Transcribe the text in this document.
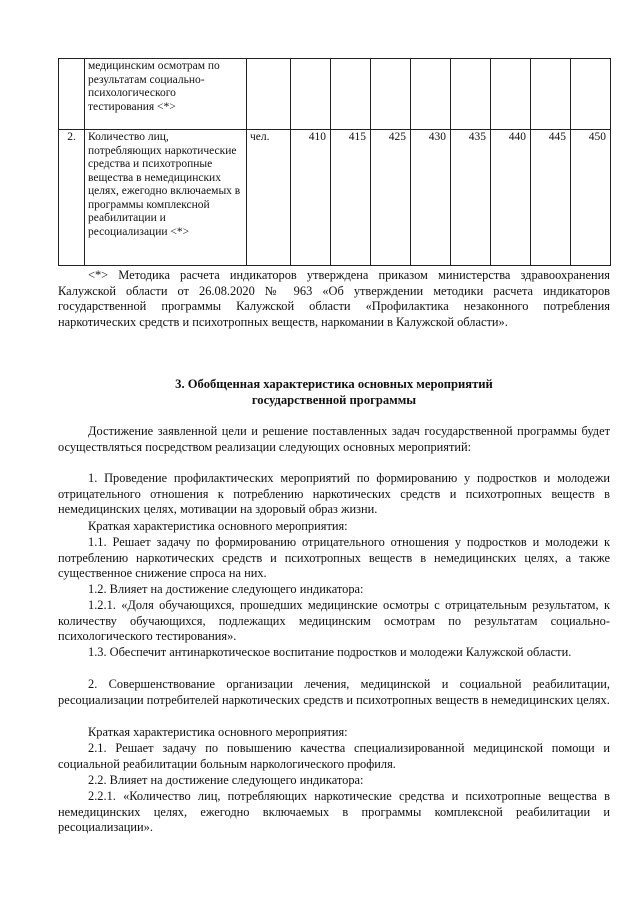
	медицинским осмотрам по результатам социально-психологического тестирования <*>									
2.	Количество лиц, потребляющих наркотические средства и психотропные вещества в немедицинских целях, ежегодно включаемых в программы комплексной реабилитации и ресоциализации <*>	чел.	410	415	425	430	435	440	445	450

<*> Методика расчета индикаторов утверждена приказом министерства здравоохранения Калужской области от 26.08.2020 № 963 «Об утверждении методики расчета индикаторов государственной программы Калужской области «Профилактика незаконного потребления наркотических средств и психотропных веществ, наркомании в Калужской области».

3. Обобщенная характеристика основных мероприятий

государственной программы

Достижение заявленной цели и решение поставленных задач государственной программы будет осуществляться посредством реализации следующих основных мероприятий:

1. Проведение профилактических мероприятий по формированию у подростков и молодежи отрицательного отношения к потреблению наркотических средств и психотропных веществ в немедицинских целях, мотивации на здоровый образ жизни.

Краткая характеристика основного мероприятия:

1.1. Решает задачу по формированию отрицательного отношения у подростков и молодежи к потреблению наркотических средств и психотропных веществ в немедицинских целях, а также существенное снижение спроса на них.

1.2. Влияет на достижение следующего индикатора:

1.2.1. «Доля обучающихся, прошедших медицинские осмотры с отрицательным результатом, к количеству обучающихся, подлежащих медицинским осмотрам по результатам социально-психологического тестирования».

1.3. Обеспечит антинаркотическое воспитание подростков и молодежи Калужской области.

2. Совершенствование организации лечения, медицинской и социальной реабилитации, ресоциализации потребителей наркотических средств и психотропных веществ в немедицинских целях.

Краткая характеристика основного мероприятия:

2.1. Решает задачу по повышению качества специализированной медицинской помощи и социальной реабилитации больным наркологического профиля.

2.2. Влияет на достижение следующего индикатора:

2.2.1. «Количество лиц, потребляющих наркотические средства и психотропные вещества в немедицинских целях, ежегодно включаемых в программы комплексной реабилитации и ресоциализации».
